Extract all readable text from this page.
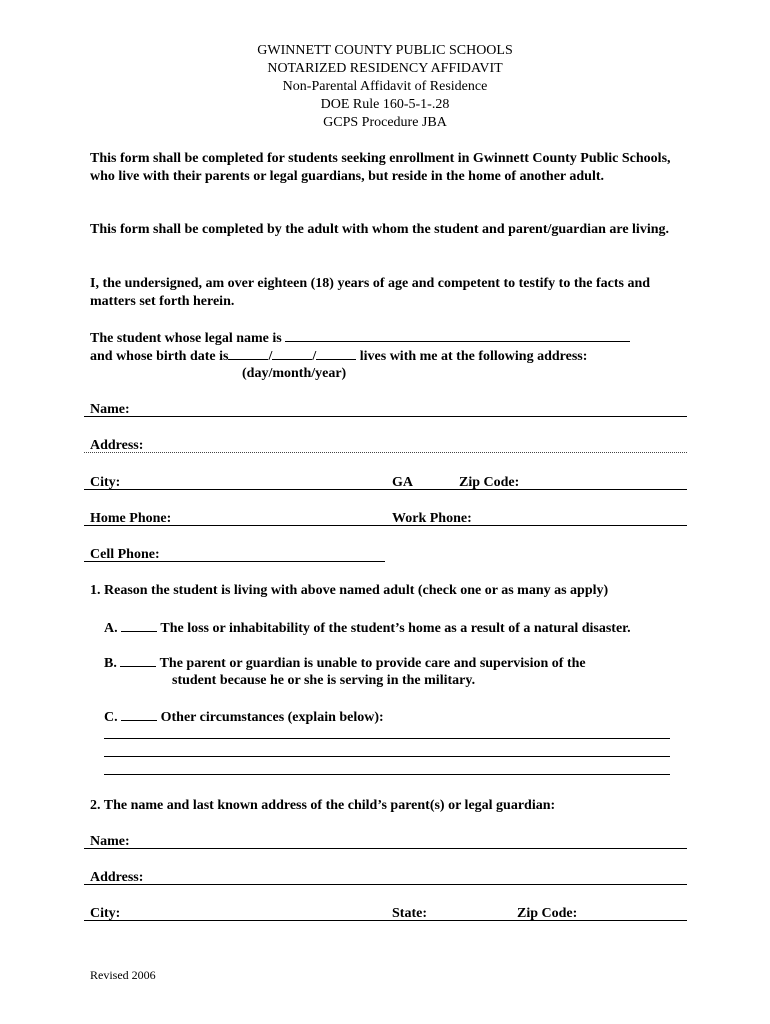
GWINNETT COUNTY PUBLIC SCHOOLS
NOTARIZED RESIDENCY AFFIDAVIT
Non-Parental Affidavit of Residence
DOE Rule 160-5-1-.28
GCPS Procedure JBA
This form shall be completed for students seeking enrollment in Gwinnett County Public Schools, who live with their parents or legal guardians, but reside in the home of another adult.
This form shall be completed by the adult with whom the student and parent/guardian are living.
I, the undersigned, am over eighteen (18) years of age and competent to testify to the facts and matters set forth herein.
The student whose legal name is
and whose birth date is	/	/	lives with me at the following address:
(day/month/year)
Name:
Address:
City:	GA	Zip Code:
Home Phone:	Work Phone:
Cell Phone:
1. Reason the student is living with above named adult (check one or as many as apply)
A.	The loss or inhabitability of the student’s home as a result of a natural disaster.
B.	The parent or guardian is unable to provide care and supervision of the
student because he or she is serving in the military.
C.	Other circumstances (explain below):
2. The name and last known address of the child’s parent(s) or legal guardian:
Name:
Address:
City:	State:	Zip Code:
Revised 2006
